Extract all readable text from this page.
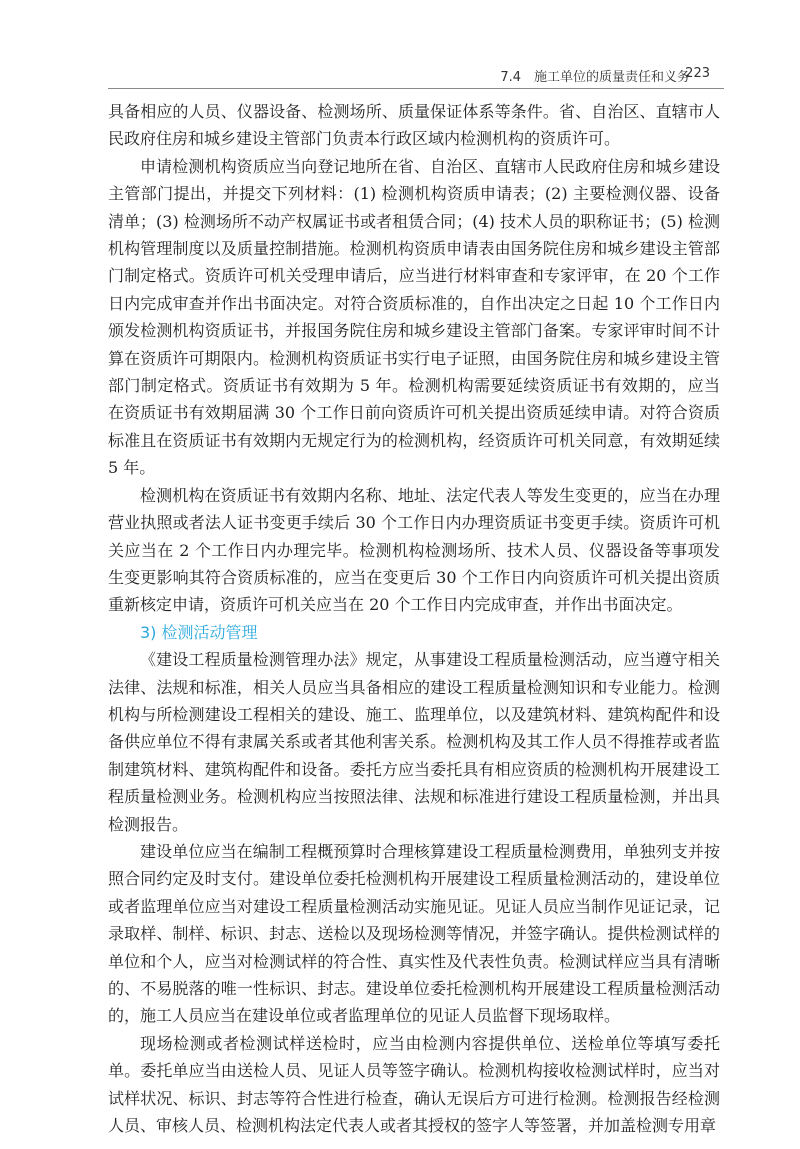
7.4　施工单位的质量责任和义务
223

具备相应的人员、仪器设备、检测场所、质量保证体系等条件。省、自治区、直辖市人民政府住房和城乡建设主管部门负责本行政区域内检测机构的资质许可。

申请检测机构资质应当向登记地所在省、自治区、直辖市人民政府住房和城乡建设主管部门提出，并提交下列材料：(1) 检测机构资质申请表；(2) 主要检测仪器、设备清单；(3) 检测场所不动产权属证书或者租赁合同；(4) 技术人员的职称证书；(5) 检测机构管理制度以及质量控制措施。检测机构资质申请表由国务院住房和城乡建设主管部门制定格式。资质许可机关受理申请后，应当进行材料审查和专家评审，在 20 个工作日内完成审查并作出书面决定。对符合资质标准的，自作出决定之日起 10 个工作日内颁发检测机构资质证书，并报国务院住房和城乡建设主管部门备案。专家评审时间不计算在资质许可期限内。检测机构资质证书实行电子证照，由国务院住房和城乡建设主管部门制定格式。资质证书有效期为 5 年。检测机构需要延续资质证书有效期的，应当在资质证书有效期届满 30 个工作日前向资质许可机关提出资质延续申请。对符合资质标准且在资质证书有效期内无规定行为的检测机构，经资质许可机关同意，有效期延续 5 年。

检测机构在资质证书有效期内名称、地址、法定代表人等发生变更的，应当在办理营业执照或者法人证书变更手续后 30 个工作日内办理资质证书变更手续。资质许可机关应当在 2 个工作日内办理完毕。检测机构检测场所、技术人员、仪器设备等事项发生变更影响其符合资质标准的，应当在变更后 30 个工作日内向资质许可机关提出资质重新核定申请，资质许可机关应当在 20 个工作日内完成审查，并作出书面决定。

3) 检测活动管理

《建设工程质量检测管理办法》规定，从事建设工程质量检测活动，应当遵守相关法律、法规和标准，相关人员应当具备相应的建设工程质量检测知识和专业能力。检测机构与所检测建设工程相关的建设、施工、监理单位，以及建筑材料、建筑构配件和设备供应单位不得有隶属关系或者其他利害关系。检测机构及其工作人员不得推荐或者监制建筑材料、建筑构配件和设备。委托方应当委托具有相应资质的检测机构开展建设工程质量检测业务。检测机构应当按照法律、法规和标准进行建设工程质量检测，并出具检测报告。

建设单位应当在编制工程概预算时合理核算建设工程质量检测费用，单独列支并按照合同约定及时支付。建设单位委托检测机构开展建设工程质量检测活动的，建设单位或者监理单位应当对建设工程质量检测活动实施见证。见证人员应当制作见证记录，记录取样、制样、标识、封志、送检以及现场检测等情况，并签字确认。提供检测试样的单位和个人，应当对检测试样的符合性、真实性及代表性负责。检测试样应当具有清晰的、不易脱落的唯一性标识、封志。建设单位委托检测机构开展建设工程质量检测活动的，施工人员应当在建设单位或者监理单位的见证人员监督下现场取样。

现场检测或者检测试样送检时，应当由检测内容提供单位、送检单位等填写委托单。委托单应当由送检人员、见证人员等签字确认。检测机构接收检测试样时，应当对试样状况、标识、封志等符合性进行检查，确认无误后方可进行检测。检测报告经检测人员、审核人员、检测机构法定代表人或者其授权的签字人等签署，并加盖检测专用章
